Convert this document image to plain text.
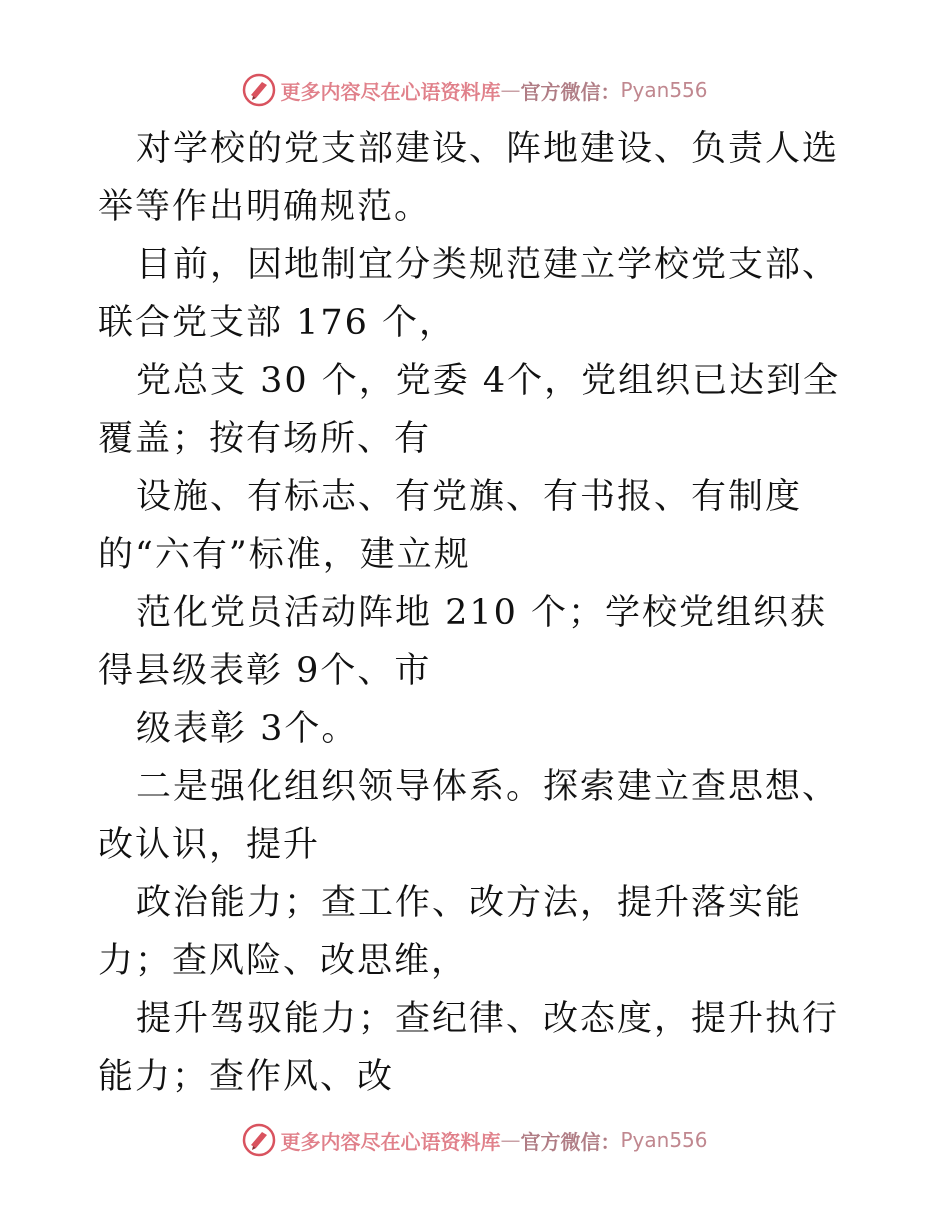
更多内容尽在心语资料库 — 官方微信： Pyan556

对学校的党支部建设、阵地建设、负责人选举等作出明确规范。

目前，因地制宜分类规范建立学校党支部、联合党支部 176 个，

党总支 30 个，党委 4个，党组织已达到全覆盖；按有场所、有

设施、有标志、有党旗、有书报、有制度的“六有”标准，建立规

范化党员活动阵地 210 个；学校党组织获得县级表彰 9个、市

级表彰 3个。

二是强化组织领导体系。探索建立查思想、改认识，提升

政治能力；查工作、改方法，提升落实能力；查风险、改思维，

提升驾驭能力；查纪律、改态度，提升执行能力；查作风、改

更多内容尽在心语资料库 — 官方微信： Pyan556
